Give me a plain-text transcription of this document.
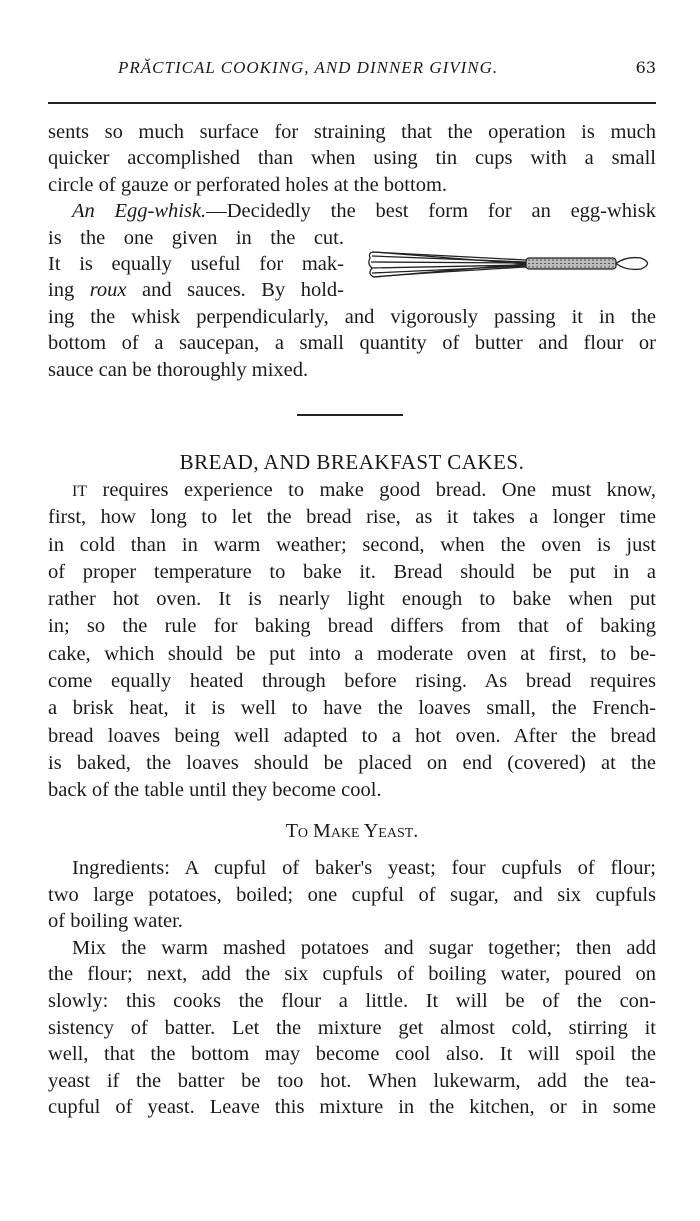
PRĂCTICAL COOKING, AND DINNER GIVING.	63
sents so much surface for straining that the operation is much
quicker accomplished than when using tin cups with a small
circle of gauze or perforated holes at the bottom.
An Egg-whisk.—Decidedly the best form for an egg-whisk
is the one given in the cut.
It is equally useful for mak-
ing roux and sauces. By hold-
ing the whisk perpendicularly, and vigorously passing it in the
bottom of a saucepan, a small quantity of butter and flour or
sauce can be thoroughly mixed.
BREAD, AND BREAKFAST CAKES.
IT requires experience to make good bread. One must know,
first, how long to let the bread rise, as it takes a longer time
in cold than in warm weather; second, when the oven is just
of proper temperature to bake it. Bread should be put in a
rather hot oven. It is nearly light enough to bake when put
in; so the rule for baking bread differs from that of baking
cake, which should be put into a moderate oven at first, to be-
come equally heated through before rising. As bread requires
a brisk heat, it is well to have the loaves small, the French-
bread loaves being well adapted to a hot oven. After the bread
is baked, the loaves should be placed on end (covered) at the
back of the table until they become cool.
To Make Yeast.
Ingredients: A cupful of baker's yeast; four cupfuls of flour;
two large potatoes, boiled; one cupful of sugar, and six cupfuls
of boiling water.
Mix the warm mashed potatoes and sugar together; then add
the flour; next, add the six cupfuls of boiling water, poured on
slowly: this cooks the flour a little. It will be of the con-
sistency of batter. Let the mixture get almost cold, stirring it
well, that the bottom may become cool also. It will spoil the
yeast if the batter be too hot. When lukewarm, add the tea-
cupful of yeast. Leave this mixture in the kitchen, or in some
